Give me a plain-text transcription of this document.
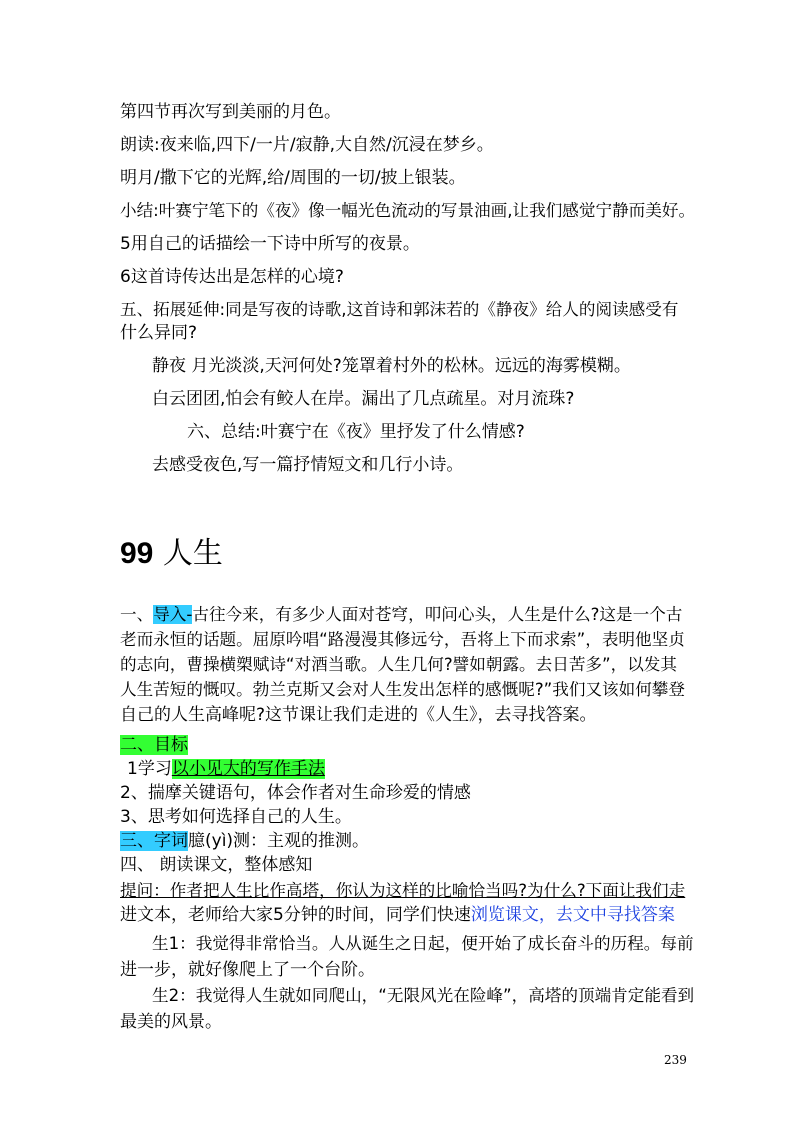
第四节再次写到美丽的月色。
朗读:夜来临,四下/一片/寂静,大自然/沉浸在梦乡。
明月/撒下它的光辉,给/周围的一切/披上银装。
小结:叶赛宁笔下的《夜》像一幅光色流动的写景油画,让我们感觉宁静而美好。
5用自己的话描绘一下诗中所写的夜景。
6这首诗传达出是怎样的心境?
五、拓展延伸:同是写夜的诗歌,这首诗和郭沫若的《静夜》给人的阅读感受有
什么异同?
静夜 月光淡淡,天河何处?笼罩着村外的松林。远远的海雾模糊。
白云团团,怕会有鲛人在岸。漏出了几点疏星。对月流珠?
六、总结:叶赛宁在《夜》里抒发了什么情感?
去感受夜色,写一篇抒情短文和几行小诗。
99 人生
一、导入-古往今来，有多少人面对苍穹，叩问心头，人生是什么?这是一个古
老而永恒的话题。屈原吟唱“路漫漫其修远兮，吾将上下而求索”，表明他坚贞
的志向，曹操横槊赋诗“对酒当歌。人生几何?譬如朝露。去日苦多”，以发其
人生苦短的慨叹。勃兰克斯又会对人生发出怎样的感慨呢?”我们又该如何攀登
自己的人生高峰呢?这节课让我们走进的《人生》，去寻找答案。
二、目标
1学习以小见大的写作手法
2、揣摩关键语句，体会作者对生命珍爱的情感
3、思考如何选择自己的人生。
三、字词臆(yì)测：主观的推测。
四、 朗读课文，整体感知
提问：作者把人生比作高塔，你认为这样的比喻恰当吗?为什么?下面让我们走
进文本，老师给大家5分钟的时间，同学们快速浏览课文，去文中寻找答案
生1：我觉得非常恰当。人从诞生之日起，便开始了成长奋斗的历程。每前
进一步，就好像爬上了一个台阶。
生2：我觉得人生就如同爬山，“无限风光在险峰”，高塔的顶端肯定能看到
最美的风景。
239
